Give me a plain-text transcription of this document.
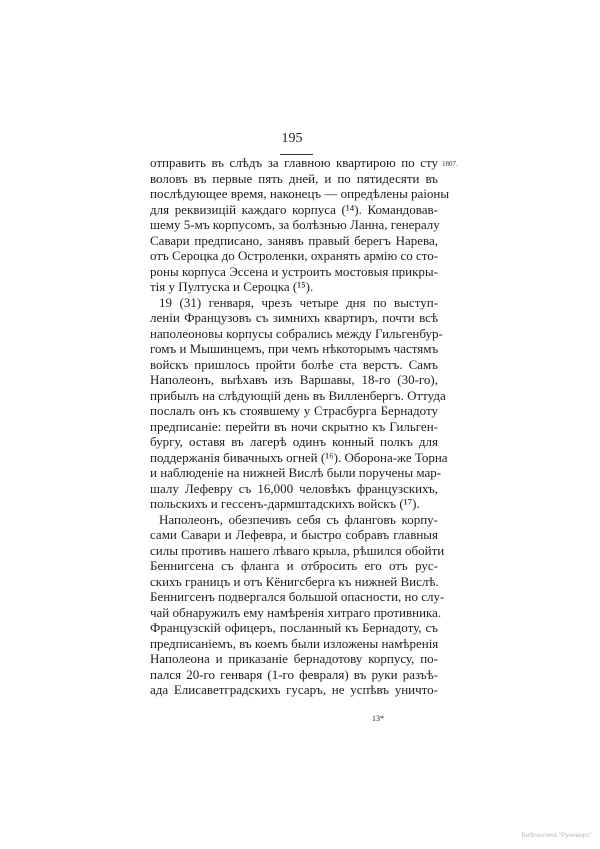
195
1807.
отправить въ слѣдъ за главною квартирою по сту
воловъ въ первые пять дней, и по пятидесяти въ
послѣдующее время, наконецъ — опредѣлены раіоны
для реквизицій каждаго корпуса (¹⁴). Командовав-
шему 5-мъ корпусомъ, за болѣзнью Ланна, генералу
Савари предписано, занявъ правый берегъ Нарева,
отъ Сероцка до Остроленки, охранять армію со сто-
роны корпуса Эссена и устроить мостовыя прикры-
тія у Пултуска и Сероцка (¹⁵).
19 (31) генваря, чрезъ четыре дня по выступ-
леніи Французовъ съ зимнихъ квартиръ, почти всѣ
наполеоновы корпусы собрались между Гильгенбур-
гомъ и Мышинцемъ, при чемъ нѣкоторымъ частямъ
войскъ пришлось пройти болѣе ста верстъ. Самъ
Наполеонъ, выѣхавъ изъ Варшавы, 18-го (30-го),
прибылъ на слѣдующій день въ Вилленбергъ. Оттуда
послалъ онъ къ стоявшему у Страсбурга Бернадоту
предписаніе: перейти въ ночи скрытно къ Гильген-
бургу, оставя въ лагерѣ одинъ конный полкъ для
поддержанія бивачныхъ огней (¹⁶). Оборона-же Торна
и наблюденіе на нижней Вислѣ были поручены мар-
шалу Лефевру съ 16,000 человѣкъ французскихъ,
польскихъ и гессенъ-дармштадскихъ войскъ (¹⁷).
Наполеонъ, обезпечивъ себя съ фланговъ корпу-
сами Савари и Лефевра, и быстро собравъ главныя
силы противъ нашего лѣваго крыла, рѣшился обойти
Беннигсена съ фланга и отбросить его отъ рус-
скихъ границъ и отъ Кёнигсберга къ нижней Вислѣ.
Беннигсенъ подвергался большой опасности, но слу-
чай обнаружилъ ему намѣренія хитраго противника.
Французскій офицеръ, посланный къ Бернадоту, съ
предписаніемъ, въ коемъ были изложены намѣренія
Наполеона и приказаніе бернадотову корпусу, по-
пался 20-го генваря (1-го февраля) въ руки разъѣ-
ада Елисаветградскихъ гусаръ, не успѣвъ уничто-
13*
Библиотека "Руниверс"
